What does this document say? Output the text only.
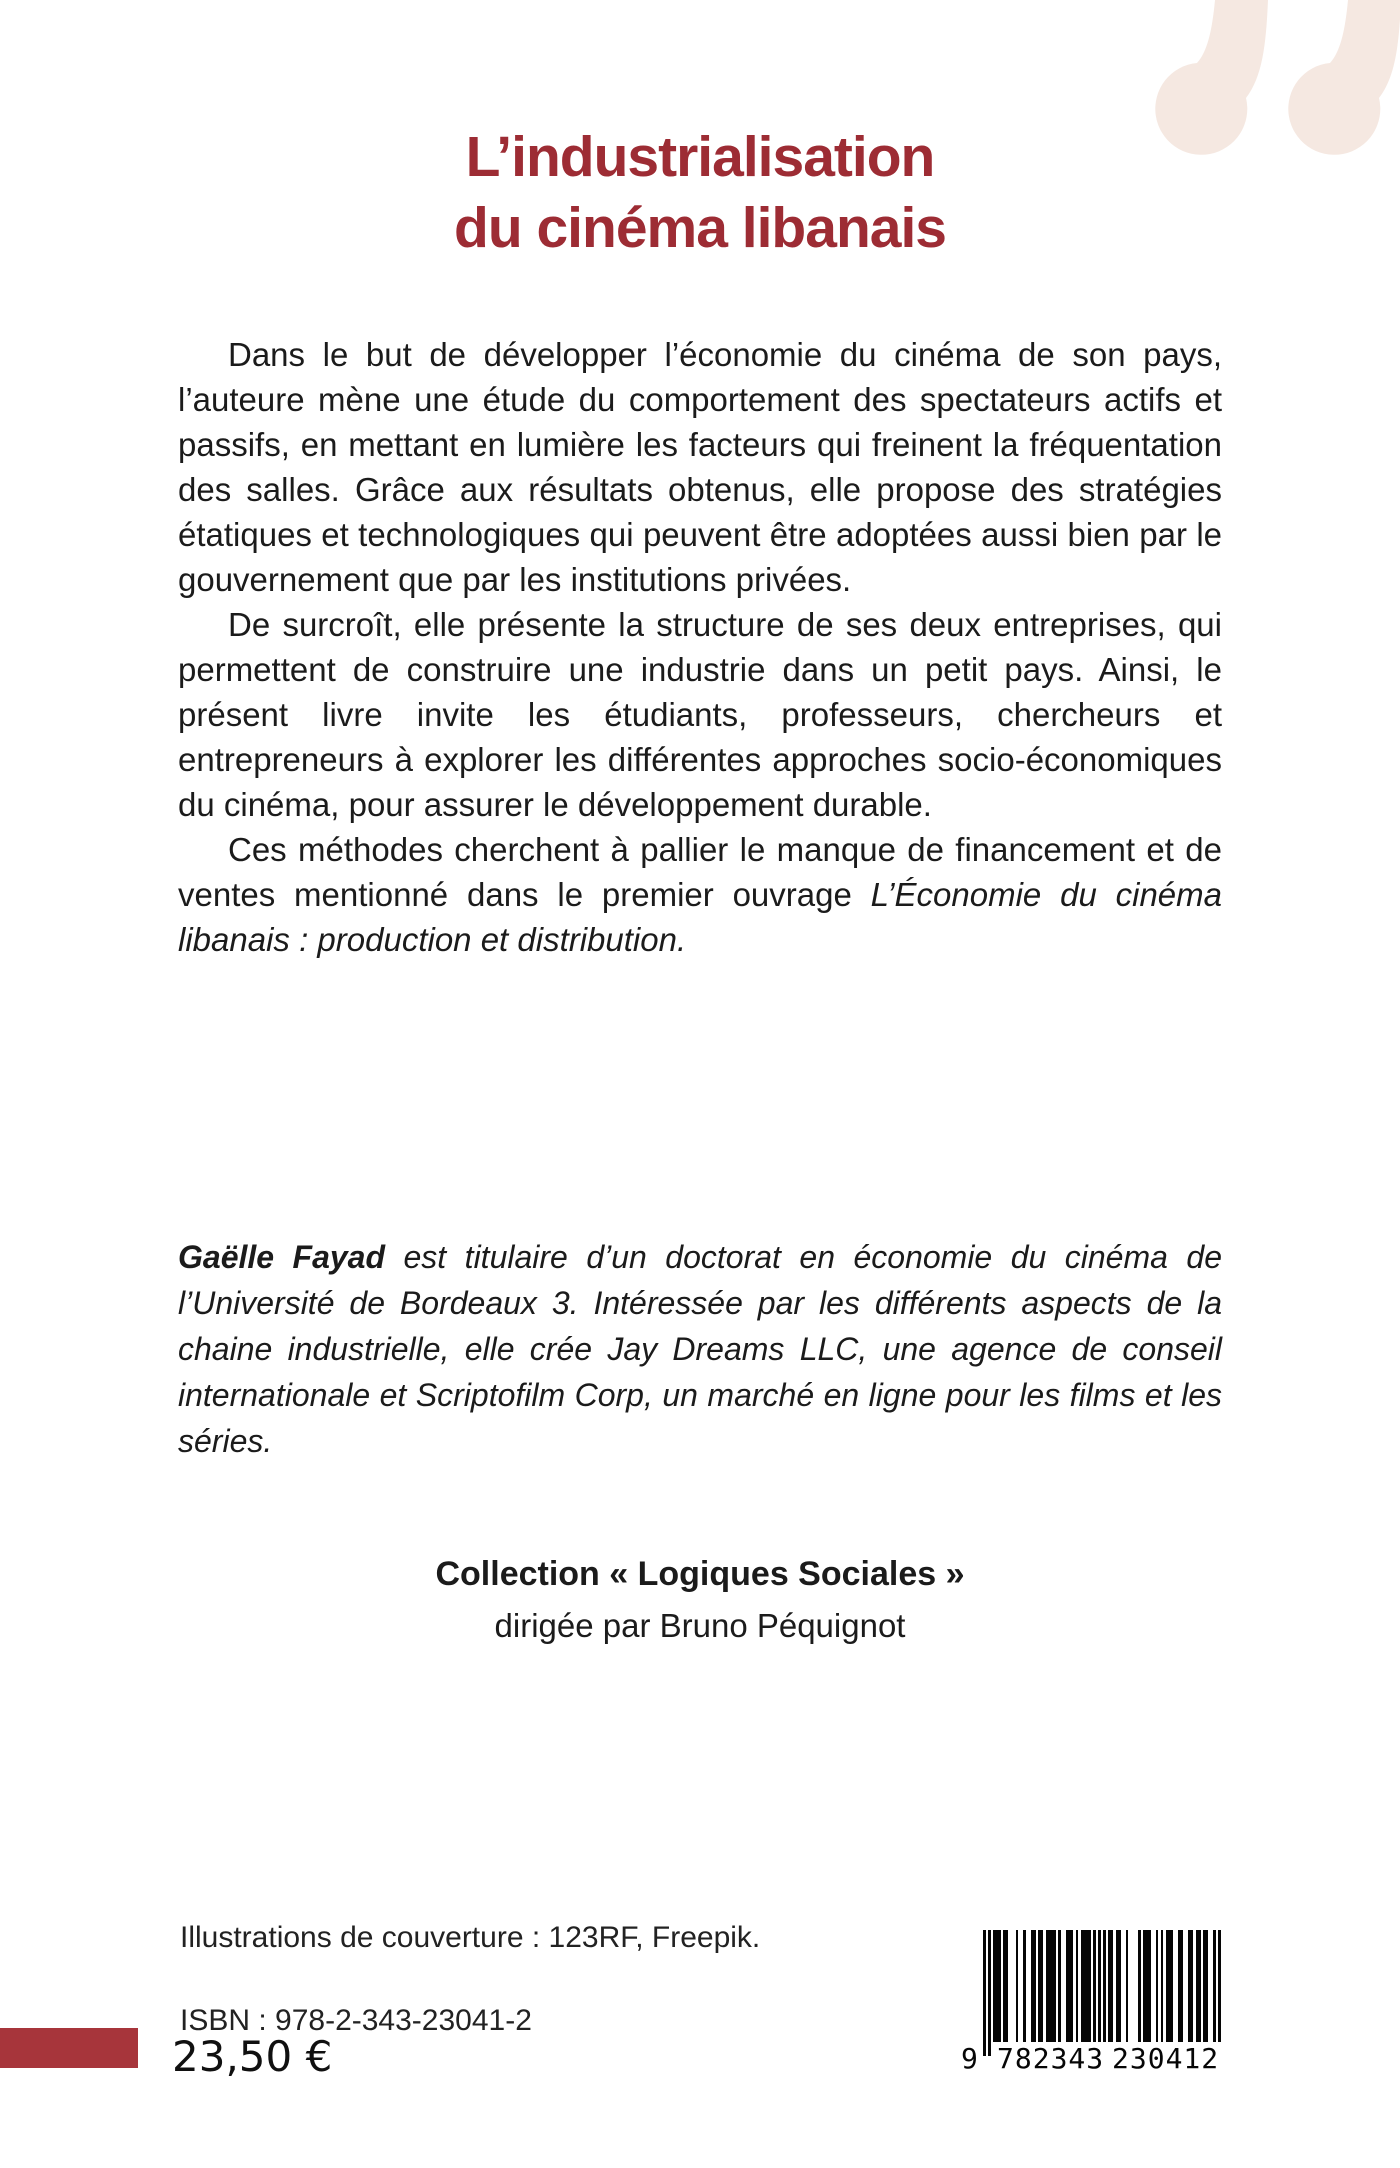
L’industrialisation
du cinéma libanais

Dans le but de développer l’économie du cinéma de son pays, l’auteure mène une étude du comportement des spectateurs actifs et passifs, en mettant en lumière les facteurs qui freinent la fréquentation des salles. Grâce aux résultats obtenus, elle propose des stratégies étatiques et technologiques qui peuvent être adoptées aussi bien par le gouvernement que par les institutions privées.

De surcroît, elle présente la structure de ses deux entreprises, qui permettent de construire une industrie dans un petit pays. Ainsi, le présent livre invite les étudiants, professeurs, chercheurs et entrepreneurs à explorer les différentes approches socio-économiques du cinéma, pour assurer le développement durable.

Ces méthodes cherchent à pallier le manque de financement et de ventes mentionné dans le premier ouvrage L’Économie du cinéma libanais : production et distribution.

Gaëlle Fayad est titulaire d’un doctorat en économie du cinéma de l’Université de Bordeaux 3. Intéressée par les différents aspects de la chaine industrielle, elle crée Jay Dreams LLC, une agence de conseil internationale et Scriptofilm Corp, un marché en ligne pour les films et les séries.

Collection « Logiques Sociales »

dirigée par Bruno Péquignot

Illustrations de couverture : 123RF, Freepik.
ISBN : 978-2-343-23041-2
23,50 €	9 782343 230412
